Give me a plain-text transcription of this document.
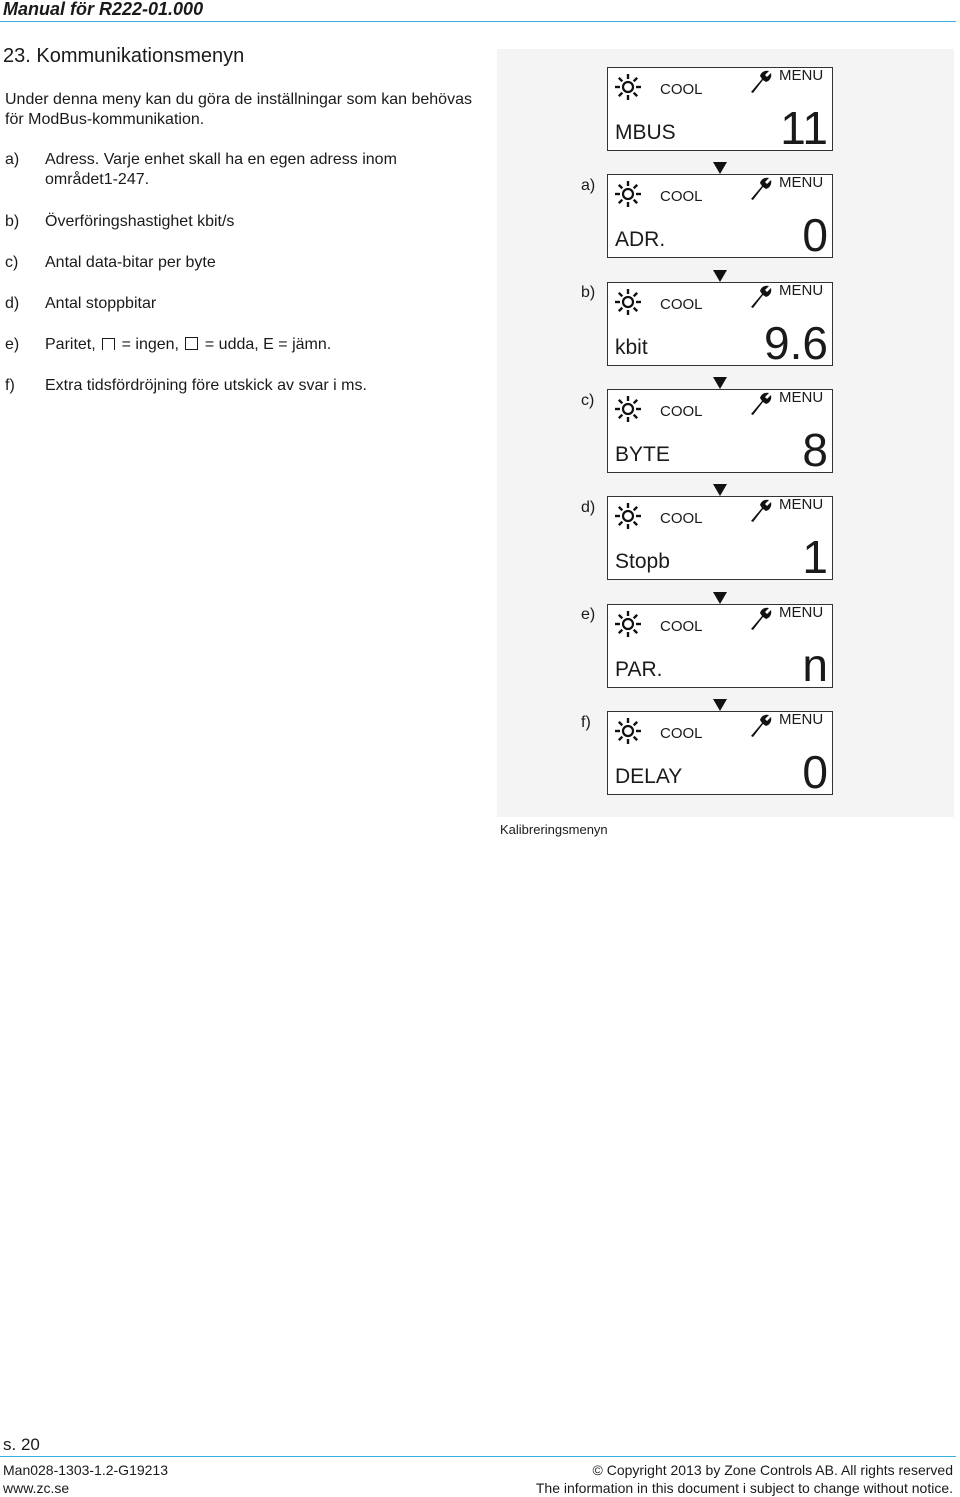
Manual för R222-01.000
23. Kommunikationsmenyn
Under denna meny kan du göra de inställningar som kan behövas för ModBus-kommunikation.
a) Adress. Varje enhet skall ha en egen adress inom området1-247.
b) Överföringshastighet kbit/s
c) Antal data-bitar per byte
d) Antal stoppbitar
e) Paritet, = ingen, = udda, E = jämn.
f) Extra tidsfördröjning före utskick av svar i ms.
COOL
MENU
MBUS 11
a)
COOL
MENU
ADR.	0
b)
COOL
MENU
kbit	9.6
c)
COOL
MENU
BYTE	8
d)
COOL
MENU
Stopb	1
e)
COOL
MENU
PAR.	n
f)
COOL
MENU
DELAY	0
Kalibreringsmenyn
s. 20
Man028-1303-1.2-G19213
www.zc.se
© Copyright 2013 by Zone Controls AB. All rights reserved
The information in this document i subject to change without notice.
